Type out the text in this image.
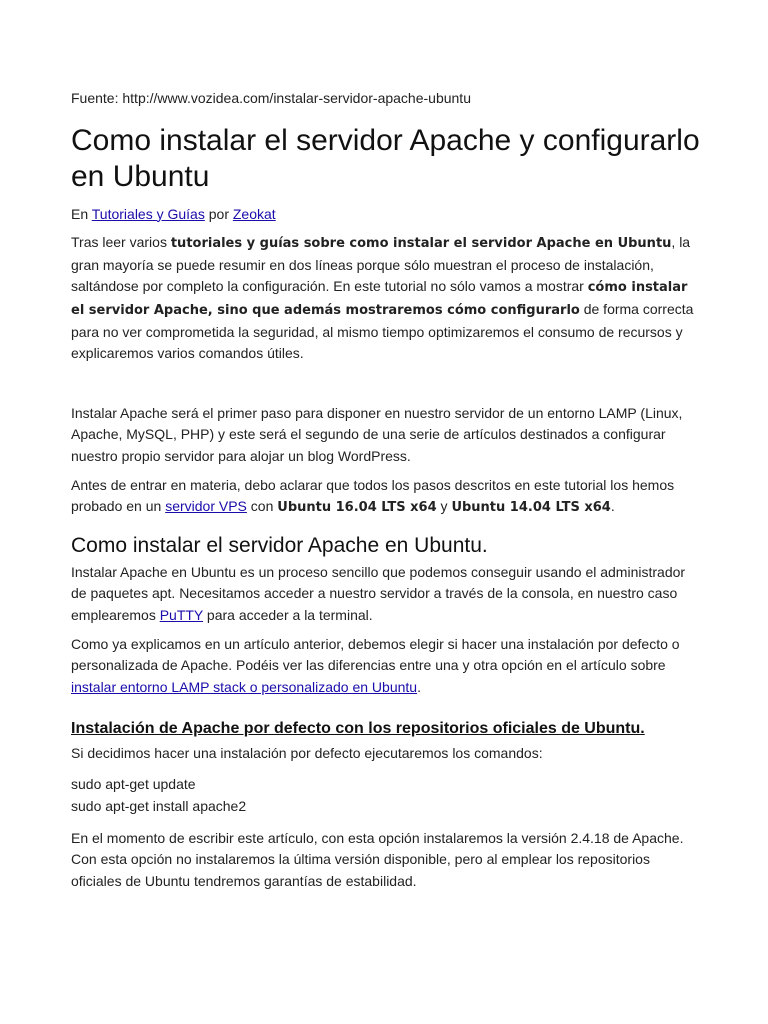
Fuente: http://www.vozidea.com/instalar-servidor-apache-ubuntu

Como instalar el servidor Apache y configurarlo en Ubuntu

En Tutoriales y Guías por Zeokat

Tras leer varios tutoriales y guías sobre como instalar el servidor Apache en Ubuntu, la gran mayoría se puede resumir en dos líneas porque sólo muestran el proceso de instalación, saltándose por completo la configuración. En este tutorial no sólo vamos a mostrar cómo instalar el servidor Apache, sino que además mostraremos cómo configurarlo de forma correcta para no ver comprometida la seguridad, al mismo tiempo optimizaremos el consumo de recursos y explicaremos varios comandos útiles.

Instalar Apache será el primer paso para disponer en nuestro servidor de un entorno LAMP (Linux, Apache, MySQL, PHP) y este será el segundo de una serie de artículos destinados a configurar nuestro propio servidor para alojar un blog WordPress.

Antes de entrar en materia, debo aclarar que todos los pasos descritos en este tutorial los hemos probado en un servidor VPS con Ubuntu 16.04 LTS x64 y Ubuntu 14.04 LTS x64.

Como instalar el servidor Apache en Ubuntu.

Instalar Apache en Ubuntu es un proceso sencillo que podemos conseguir usando el administrador de paquetes apt. Necesitamos acceder a nuestro servidor a través de la consola, en nuestro caso emplearemos PuTTY para acceder a la terminal.

Como ya explicamos en un artículo anterior, debemos elegir si hacer una instalación por defecto o personalizada de Apache. Podéis ver las diferencias entre una y otra opción en el artículo sobre instalar entorno LAMP stack o personalizado en Ubuntu.

Instalación de Apache por defecto con los repositorios oficiales de Ubuntu.

Si decidimos hacer una instalación por defecto ejecutaremos los comandos:

sudo apt-get update

sudo apt-get install apache2

En el momento de escribir este artículo, con esta opción instalaremos la versión 2.4.18 de Apache. Con esta opción no instalaremos la última versión disponible, pero al emplear los repositorios oficiales de Ubuntu tendremos garantías de estabilidad.
